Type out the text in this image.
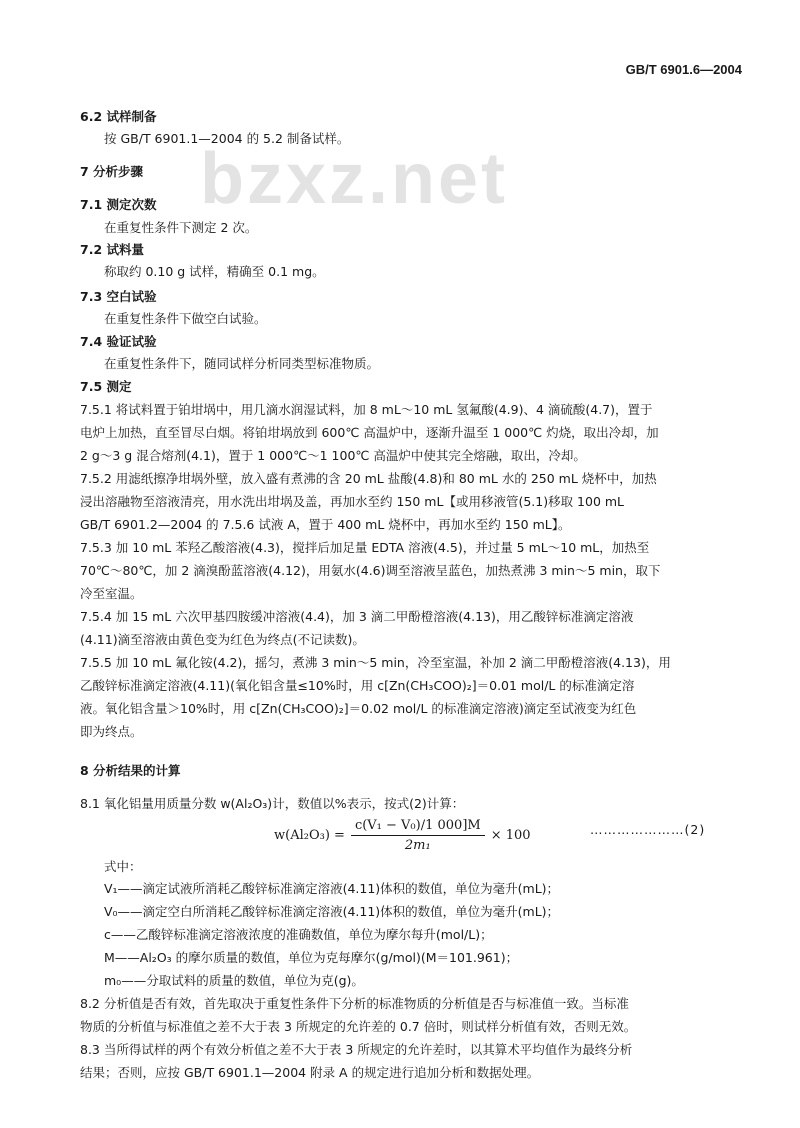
GB/T 6901.6—2004
bzxz.net
6.2 试样制备
按 GB/T 6901.1—2004 的 5.2 制备试样。
7 分析步骤
7.1 测定次数
在重复性条件下测定 2 次。
7.2 试料量
称取约 0.10 g 试样，精确至 0.1 mg。
7.3 空白试验
在重复性条件下做空白试验。
7.4 验证试验
在重复性条件下，随同试样分析同类型标准物质。
7.5 测定
7.5.1 将试料置于铂坩埚中，用几滴水润湿试料，加 8 mL～10 mL 氢氟酸(4.9)、4 滴硫酸(4.7)，置于
电炉上加热，直至冒尽白烟。将铂坩埚放到 600℃ 高温炉中，逐渐升温至 1 000℃ 灼烧，取出冷却，加
2 g～3 g 混合熔剂(4.1)，置于 1 000℃～1 100℃ 高温炉中使其完全熔融，取出，冷却。
7.5.2 用滤纸擦净坩埚外壁，放入盛有煮沸的含 20 mL 盐酸(4.8)和 80 mL 水的 250 mL 烧杯中，加热
浸出溶融物至溶液清亮，用水洗出坩埚及盖，再加水至约 150 mL【或用移液管(5.1)移取 100 mL
GB/T 6901.2—2004 的 7.5.6 试液 A，置于 400 mL 烧杯中，再加水至约 150 mL】。
7.5.3 加 10 mL 苯羟乙酸溶液(4.3)，搅拌后加足量 EDTA 溶液(4.5)，并过量 5 mL～10 mL，加热至
70℃～80℃，加 2 滴溴酚蓝溶液(4.12)，用氨水(4.6)调至溶液呈蓝色，加热煮沸 3 min～5 min，取下
冷至室温。
7.5.4 加 15 mL 六次甲基四胺缓冲溶液(4.4)，加 3 滴二甲酚橙溶液(4.13)，用乙酸锌标准滴定溶液
(4.11)滴至溶液由黄色变为红色为终点(不记读数)。
7.5.5 加 10 mL 氟化铵(4.2)，摇匀，煮沸 3 min～5 min，冷至室温，补加 2 滴二甲酚橙溶液(4.13)，用
乙酸锌标准滴定溶液(4.11)(氧化铝含量≤10%时，用 c[Zn(CH₃COO)₂]＝0.01 mol/L 的标准滴定溶
液。氧化铝含量＞10%时，用 c[Zn(CH₃COO)₂]＝0.02 mol/L 的标准滴定溶液)滴定至试液变为红色
即为终点。
8 分析结果的计算
8.1 氧化铝量用质量分数 w(Al₂O₃)计，数值以%表示，按式(2)计算：
式中：
V₁——滴定试液所消耗乙酸锌标准滴定溶液(4.11)体积的数值，单位为毫升(mL)；
V₀——滴定空白所消耗乙酸锌标准滴定溶液(4.11)体积的数值，单位为毫升(mL)；
c——乙酸锌标准滴定溶液浓度的准确数值，单位为摩尔每升(mol/L)；
M——Al₂O₃ 的摩尔质量的数值，单位为克每摩尔(g/mol)(M＝101.961)；
m₀——分取试料的质量的数值，单位为克(g)。
8.2 分析值是否有效，首先取决于重复性条件下分析的标准物质的分析值是否与标准值一致。当标准
物质的分析值与标准值之差不大于表 3 所规定的允许差的 0.7 倍时，则试样分析值有效，否则无效。
8.3 当所得试样的两个有效分析值之差不大于表 3 所规定的允许差时，以其算术平均值作为最终分析
结果；否则，应按 GB/T 6901.1—2004 附录 A 的规定进行追加分析和数据处理。
$w(Al_2O_3) = \frac{\text{c(V₁ − V₀)/1 000]M}}{\text{2m₁}} \times 100$	…………………(2)
